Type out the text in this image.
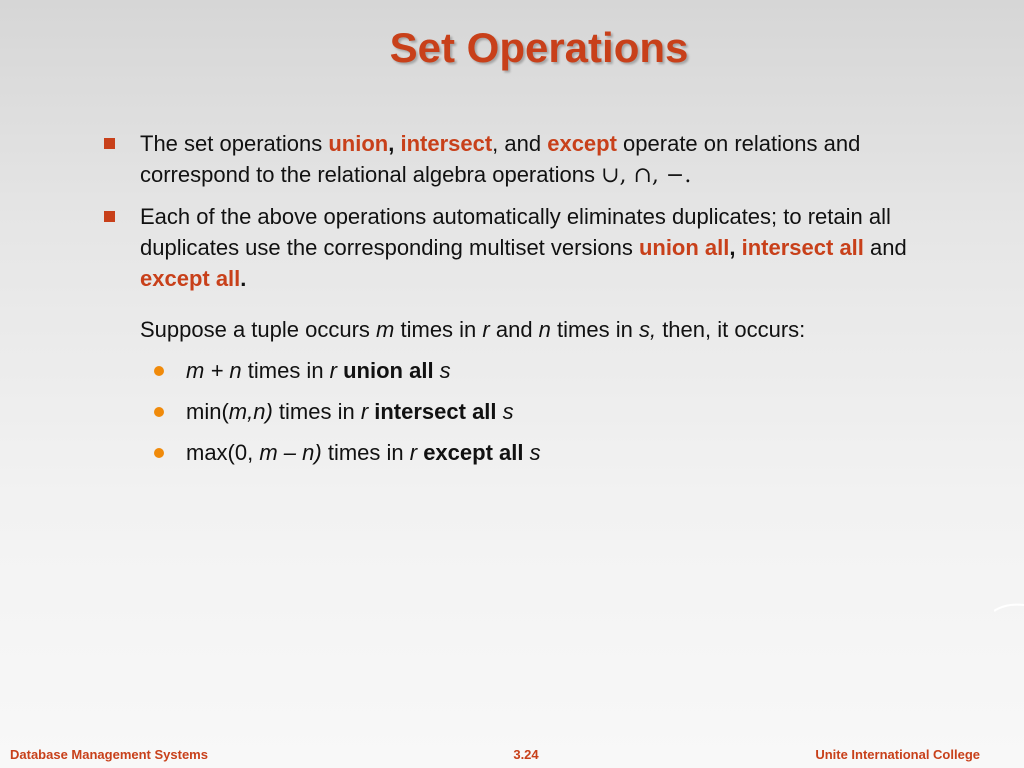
Set Operations
The set operations union, intersect, and except operate on relations and correspond to the relational algebra operations ∪, ∩, −.
Each of the above operations automatically eliminates duplicates; to retain all duplicates use the corresponding multiset versions union all, intersect all and except all.
Suppose a tuple occurs m times in r and n times in s, then, it occurs:
m + n times in r union all s
min(m,n) times in r intersect all s
max(0, m – n) times in r except all s
Database Management Systems	3.24	Unite International College
